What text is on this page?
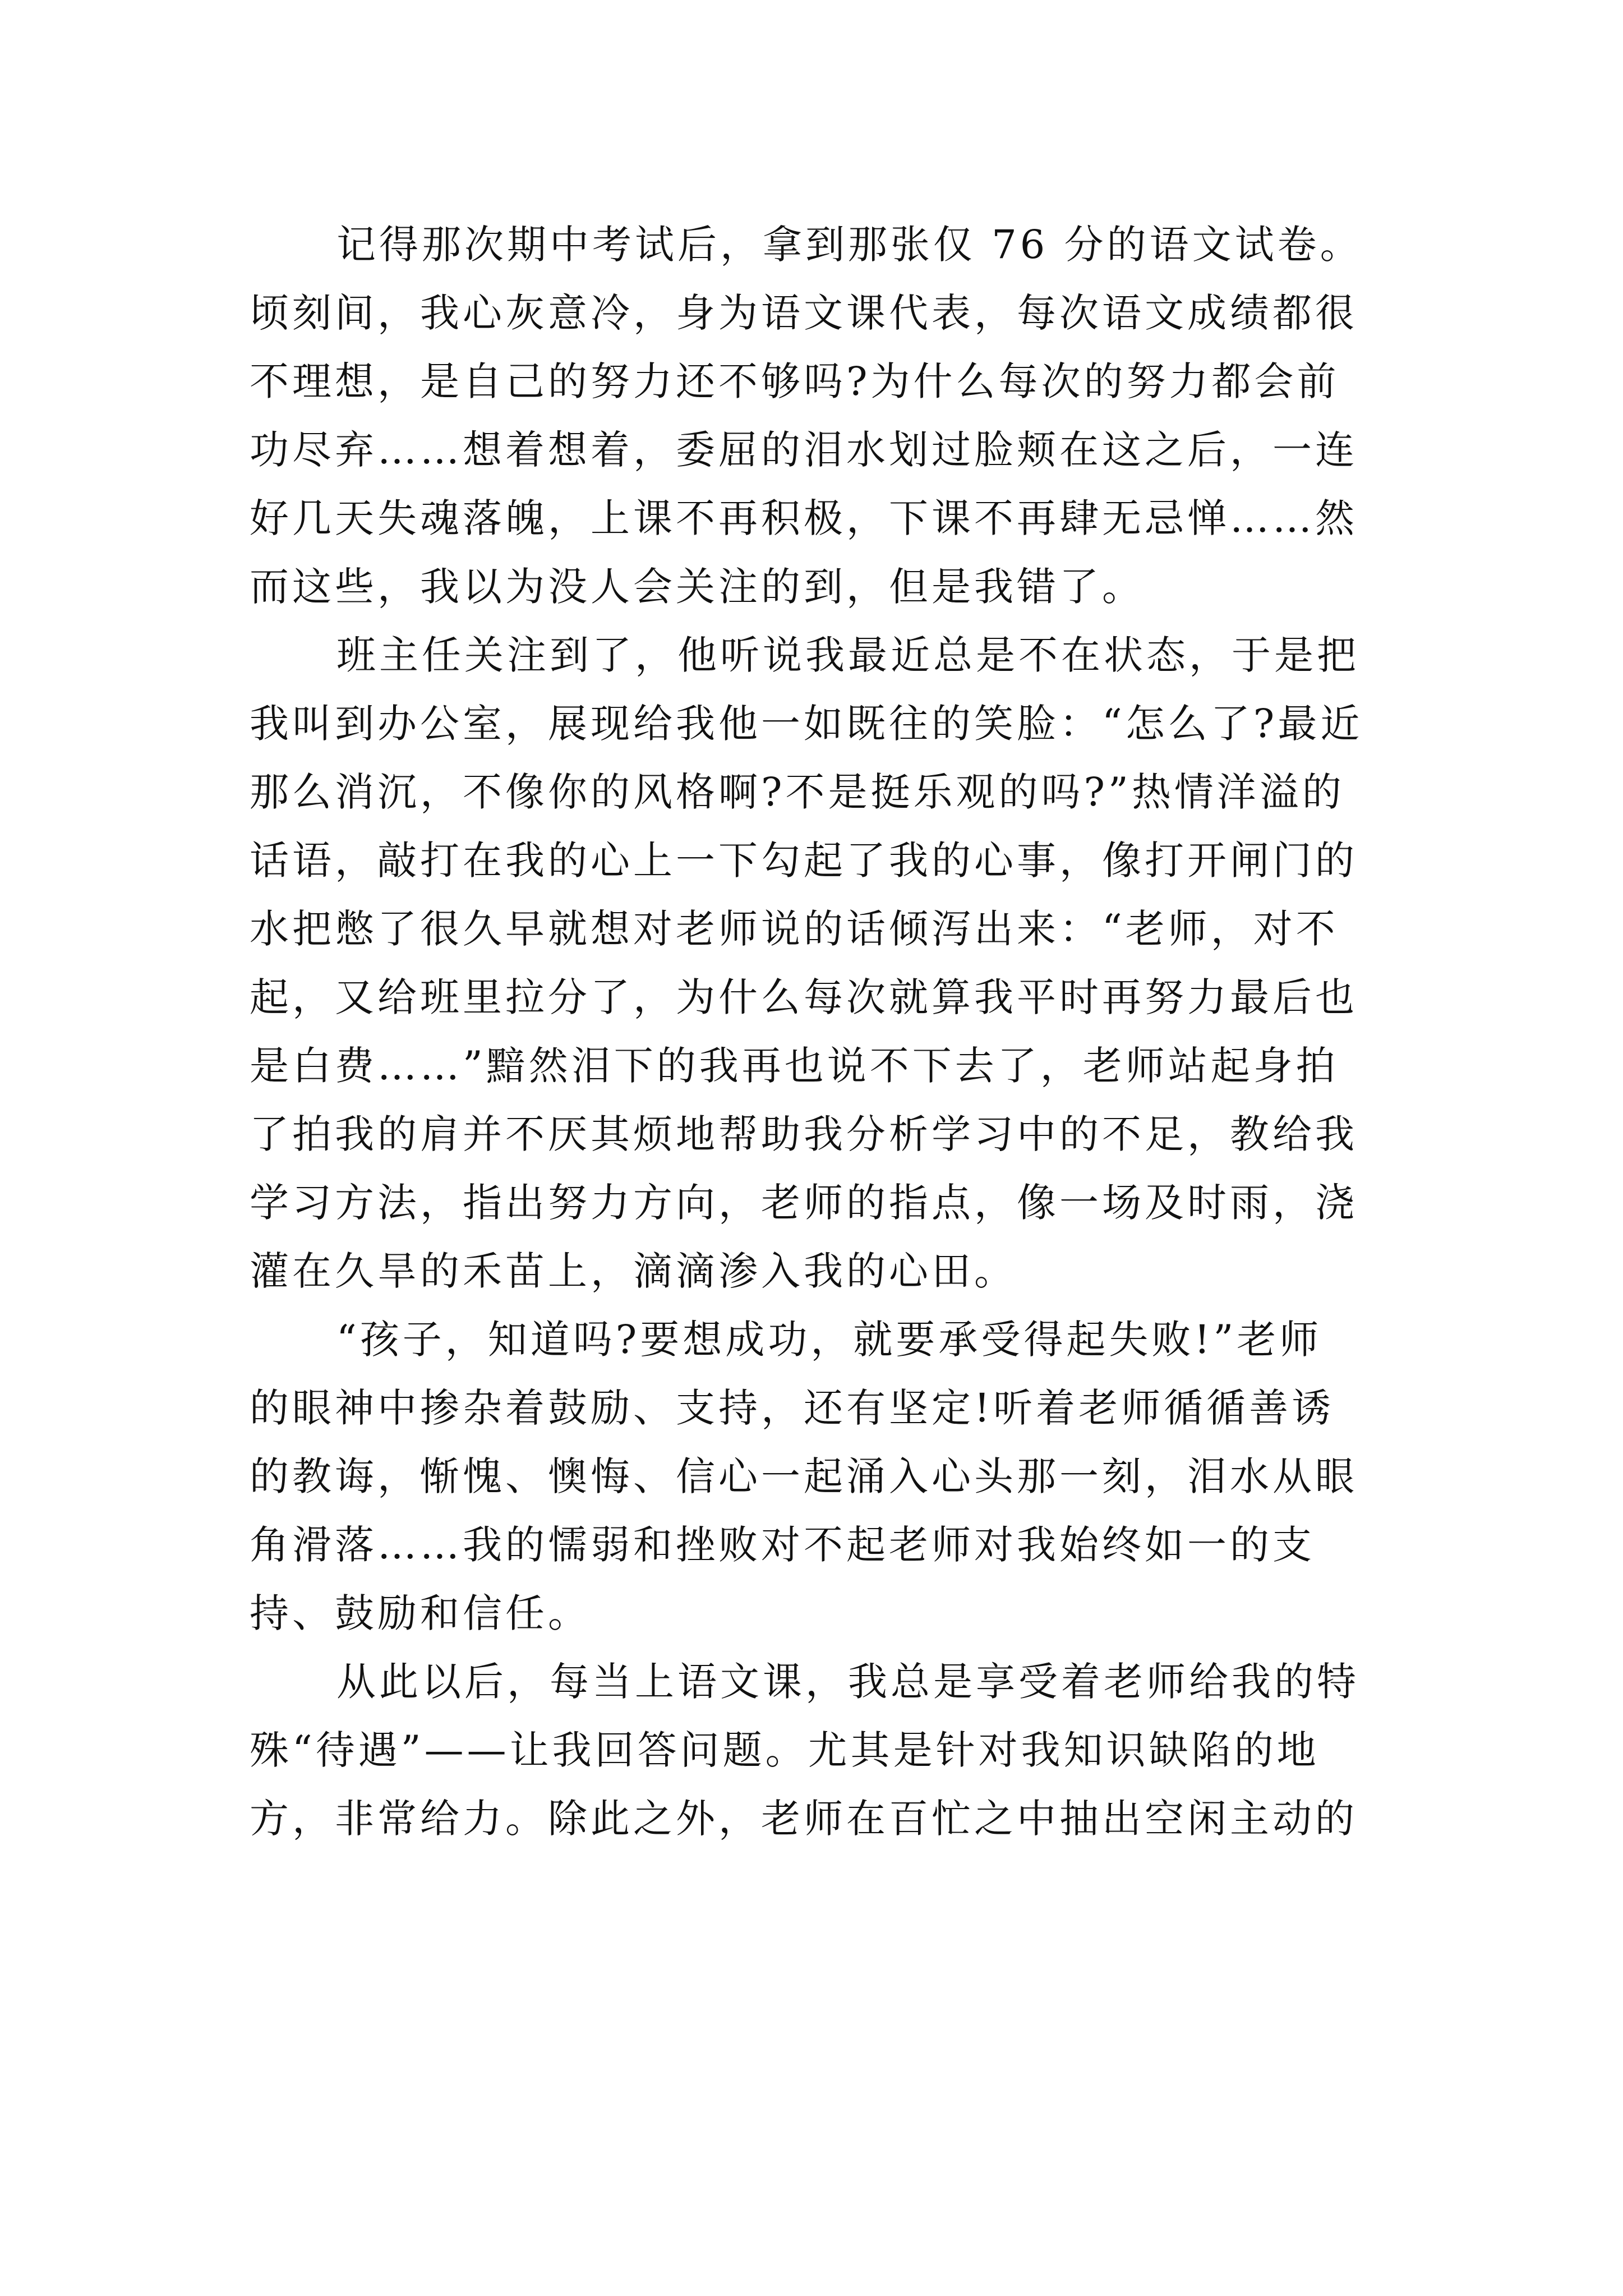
记得那次期中考试后，拿到那张仅 76 分的语文试卷。
顷刻间，我心灰意冷，身为语文课代表，每次语文成绩都很
不理想，是自己的努力还不够吗?为什么每次的努力都会前
功尽弃……想着想着，委屈的泪水划过脸颊在这之后，一连
好几天失魂落魄，上课不再积极，下课不再肆无忌惮……然
而这些，我以为没人会关注的到，但是我错了。
班主任关注到了，他听说我最近总是不在状态，于是把
我叫到办公室，展现给我他一如既往的笑脸：“怎么了?最近
那么消沉，不像你的风格啊?不是挺乐观的吗?”热情洋溢的
话语，敲打在我的心上一下勾起了我的心事，像打开闸门的
水把憋了很久早就想对老师说的话倾泻出来：“老师，对不
起，又给班里拉分了，为什么每次就算我平时再努力最后也
是白费……”黯然泪下的我再也说不下去了，老师站起身拍
了拍我的肩并不厌其烦地帮助我分析学习中的不足，教给我
学习方法，指出努力方向，老师的指点，像一场及时雨，浇
灌在久旱的禾苗上，滴滴渗入我的心田。
“孩子，知道吗?要想成功，就要承受得起失败!”老师
的眼神中掺杂着鼓励、支持，还有坚定!听着老师循循善诱
的教诲，惭愧、懊悔、信心一起涌入心头那一刻，泪水从眼
角滑落……我的懦弱和挫败对不起老师对我始终如一的支
持、鼓励和信任。
从此以后，每当上语文课，我总是享受着老师给我的特
殊“待遇”——让我回答问题。尤其是针对我知识缺陷的地
方，非常给力。除此之外，老师在百忙之中抽出空闲主动的
